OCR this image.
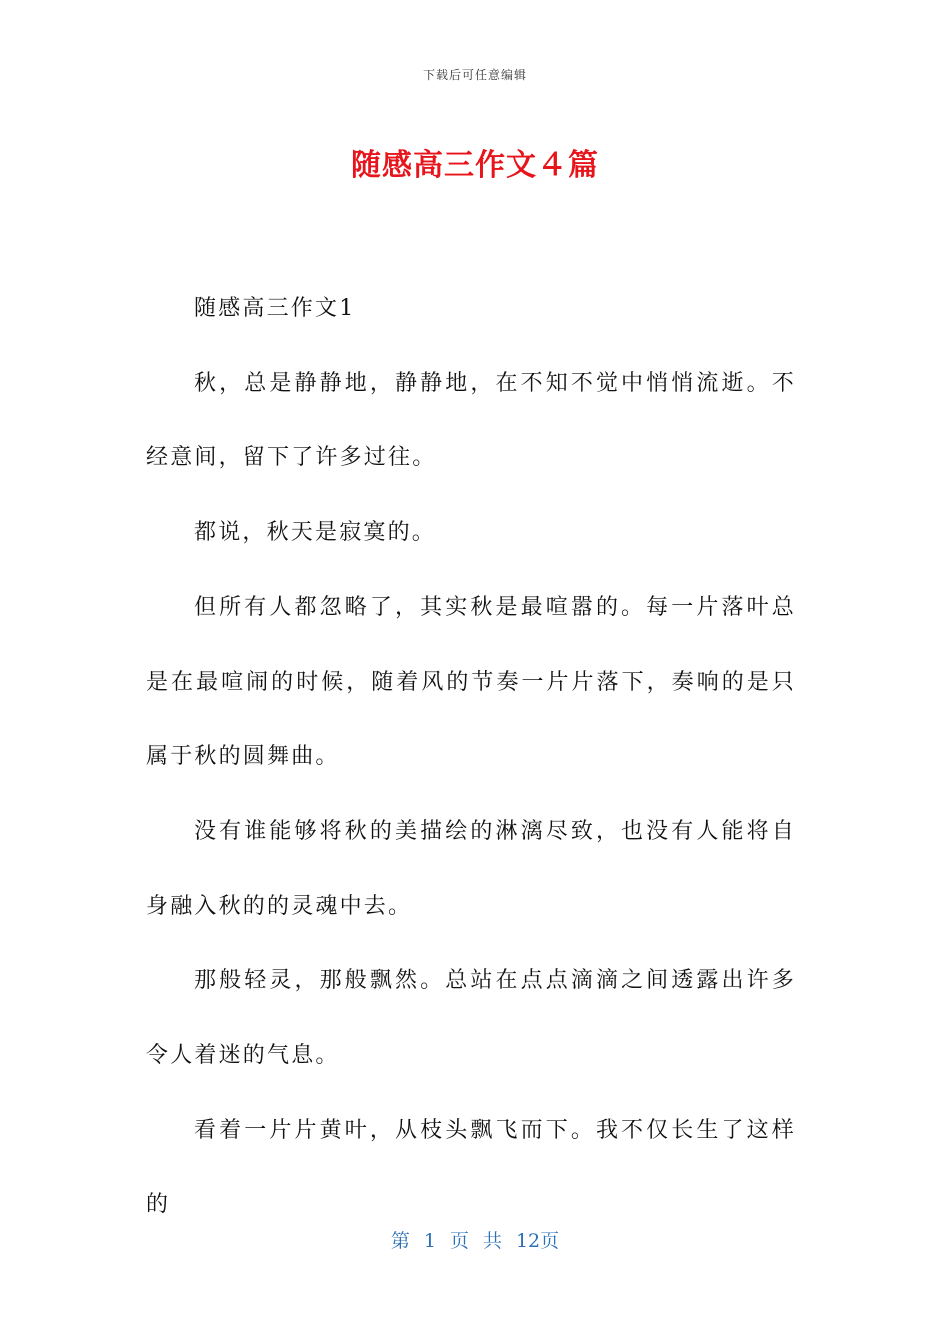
下载后可任意编辑
随感高三作文４篇

随感高三作文1

秋，总是静静地，静静地，在不知不觉中悄悄流逝。不经意间，留下了许多过往。

都说，秋天是寂寞的。

但所有人都忽略了，其实秋是最喧嚣的。每一片落叶总是在最喧闹的时候，随着风的节奏一片片落下，奏响的是只属于秋的圆舞曲。

没有谁能够将秋的美描绘的淋漓尽致，也没有人能将自身融入秋的的灵魂中去。

那般轻灵，那般飘然。总站在点点滴滴之间透露出许多令人着迷的气息。

看着一片片黄叶，从枝头飘飞而下。我不仅长生了这样的

第 1 页 共 12页
